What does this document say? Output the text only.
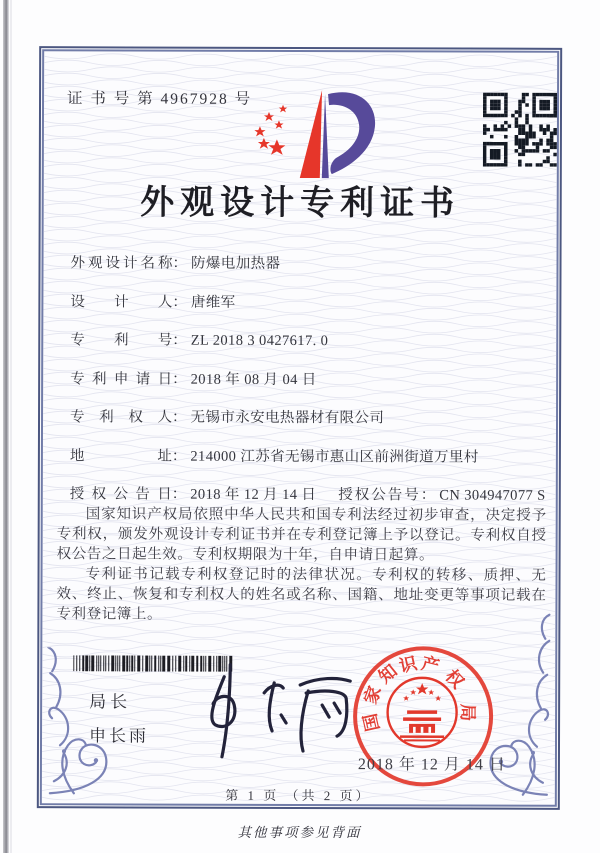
证 书 号 第 4967928 号
外观设计专利证书
外观设计名称 ： 防爆电加热器
设计人 ： 唐维军
专利号 ： ZL 2018 3 0427617. 0
专利申请日 ： 2018 年 08 月 04 日
专利权人 ： 无锡市永安电热器材有限公司
地址 ： 214000 江苏省无锡市惠山区前洲街道万里村
授权公告日 ： 2018 年 12 月 14 日 授权公告号 ： CN 304947077 S

国家知识产权局依照中华人民共和国专利法经过初步审查，决定授予专利权，颁发外观设计专利证书并在专利登记簿上予以登记。专利权自授权公告之日起生效。专利权期限为十年，自申请日起算。

专利证书记载专利权登记时的法律状况。专利权的转移、质押、无效、终止、恢复和专利权人的姓名或名称、国籍、地址变更等事项记载在专利登记簿上。

局长
申长雨
国
家
知
识 产
权
局
2018 年 12 月 14 日
第 1 页 （共 2 页）
其他事项参见背面
